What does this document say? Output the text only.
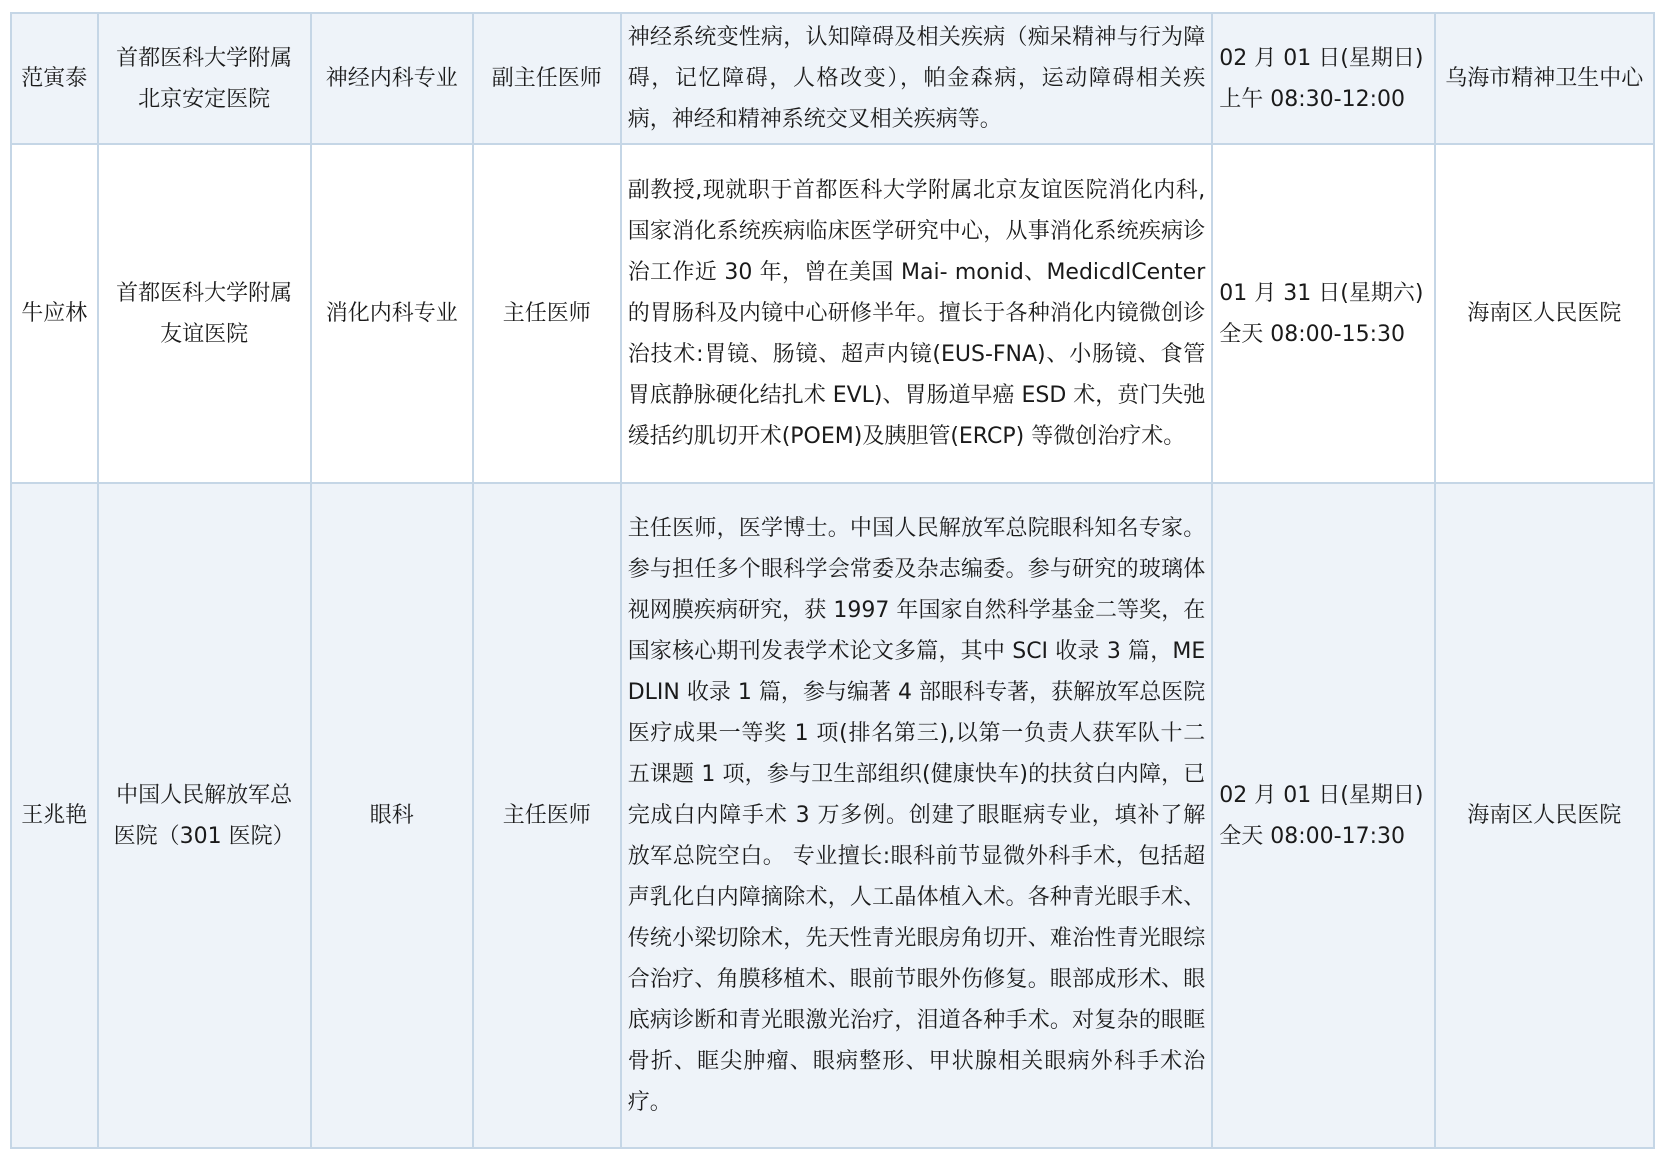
范寅泰	首都医科大学附属
北京安定医院	神经内科专业	副主任医师	神经系统变性病，认知障碍及相关疾病（痴呆精神与行为障碍，记忆障碍，人格改变），帕金森病，运动障碍相关疾病，神经和精神系统交叉相关疾病等。	02 月 01 日(星期日)
上午 08:30-12:00	乌海市精神卫生中心
牛应林	首都医科大学附属
友谊医院	消化内科专业	主任医师	副教授,现就职于首都医科大学附属北京友谊医院消化内科,国家消化系统疾病临床医学研究中心，从事消化系统疾病诊治工作近 30 年，曾在美国 Mai- monid、MedicdlCenter 的胃肠科及内镜中心研修半年。擅长于各种消化内镜微创诊治技术:胃镜、肠镜、超声内镜(EUS-FNA)、小肠镜、食管胃底静脉硬化结扎术 EVL)、胃肠道早癌 ESD 术，贲门失弛缓括约肌切开术(POEM)及胰胆管(ERCP) 等微创治疗术。	01 月 31 日(星期六)
全天 08:00-15:30	海南区人民医院
王兆艳	中国人民解放军总
医院（301 医院）	眼科	主任医师	主任医师，医学博士。中国人民解放军总院眼科知名专家。参与担任多个眼科学会常委及杂志编委。参与研究的玻璃体视网膜疾病研究，获 1997 年国家自然科学基金二等奖，在国家核心期刊发表学术论文多篇，其中 SCI 收录 3 篇，MEDLIN 收录 1 篇，参与编著 4 部眼科专著，获解放军总医院医疗成果一等奖 1 项(排名第三),以第一负责人获军队十二五课题 1 项，参与卫生部组织(健康快车)的扶贫白内障，已完成白内障手术 3 万多例。创建了眼眶病专业，填补了解放军总院空白。 专业擅长:眼科前节显微外科手术，包括超声乳化白内障摘除术，人工晶体植入术。各种青光眼手术、传统小梁切除术，先天性青光眼房角切开、难治性青光眼综合治疗、角膜移植术、眼前节眼外伤修复。眼部成形术、眼底病诊断和青光眼激光治疗，泪道各种手术。对复杂的眼眶骨折、眶尖肿瘤、眼病整形、甲状腺相关眼病外科手术治疗。	02 月 01 日(星期日)
全天 08:00-17:30	海南区人民医院
